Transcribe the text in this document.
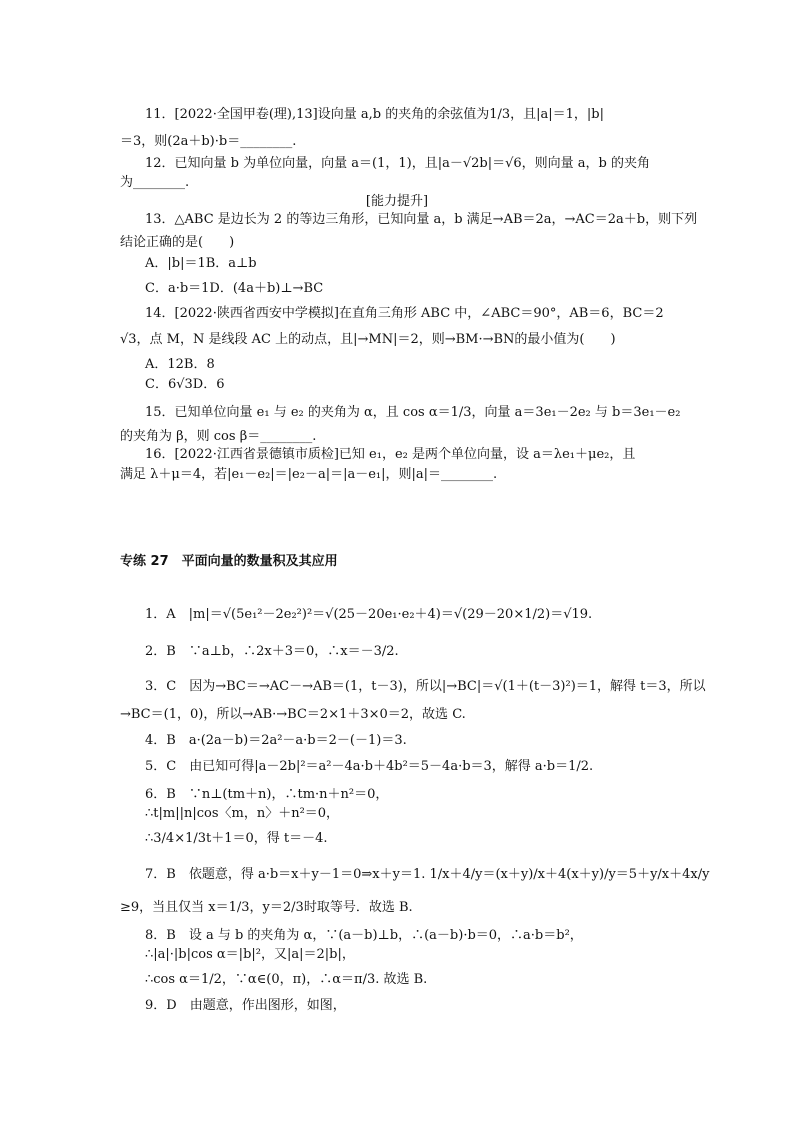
11．[2022·全国甲卷(理),13]设向量 a,b 的夹角的余弦值为1/3，且|a|＝1，|b|
＝3，则(2a＋b)·b＝________.
12．已知向量 b 为单位向量，向量 a＝(1，1)，且|a－√2b|＝√6，则向量 a，b 的夹角
为________.
[能力提升]
13．△ABC 是边长为 2 的等边三角形，已知向量 a，b 满足→AB＝2a，→AC＝2a＋b，则下列
结论正确的是(　　)
A．|b|＝1B．a⊥b
C．a·b＝1D．(4a＋b)⊥→BC
14．[2022·陕西省西安中学模拟]在直角三角形 ABC 中，∠ABC＝90°，AB＝6，BC＝2
√3，点 M，N 是线段 AC 上的动点，且|→MN|＝2，则→BM·→BN的最小值为(　　)
A．12B．8
C．6√3D．6
15．已知单位向量 e₁ 与 e₂ 的夹角为 α，且 cos α＝1/3，向量 a＝3e₁－2e₂ 与 b＝3e₁－e₂
的夹角为 β，则 cos β＝________.
16．[2022·江西省景德镇市质检]已知 e₁，e₂ 是两个单位向量，设 a＝λe₁＋μe₂，且
满足 λ＋μ＝4，若|e₁－e₂|＝|e₂－a|＝|a－e₁|，则|a|＝________.
专练 27　平面向量的数量积及其应用
1．A　|m|＝√(5e₁²－2e₂²)²＝√(25－20e₁·e₂＋4)＝√(29－20×1/2)＝√19.
2．B　∵a⊥b，∴2x＋3＝0，∴x＝－3/2.
3．C　因为→BC＝→AC－→AB＝(1，t－3)，所以|→BC|＝√(1＋(t－3)²)＝1，解得 t＝3，所以
→BC＝(1，0)，所以→AB·→BC＝2×1＋3×0＝2，故选 C.
4．B　a·(2a－b)＝2a²－a·b＝2－(－1)＝3.
5．C　由已知可得|a－2b|²＝a²－4a·b＋4b²＝5－4a·b＝3，解得 a·b＝1/2.
6．B　∵n⊥(tm＋n)，∴tm·n＋n²＝0，
∴t|m||n|cos〈m，n〉＋n²＝0，
∴3/4×1/3t＋1＝0，得 t＝－4.
7．B　依题意，得 a·b＝x＋y－1＝0⇒x＋y＝1. 1/x＋4/y＝(x＋y)/x＋4(x＋y)/y＝5＋y/x＋4x/y
≥9，当且仅当 x＝1/3，y＝2/3时取等号．故选 B.
8．B　设 a 与 b 的夹角为 α，∵(a－b)⊥b，∴(a－b)·b＝0，∴a·b＝b²，
∴|a|·|b|cos α＝|b|²，又|a|＝2|b|，
∴cos α＝1/2，∵α∈(0，π)，∴α＝π/3. 故选 B.
9．D　由题意，作出图形，如图，
